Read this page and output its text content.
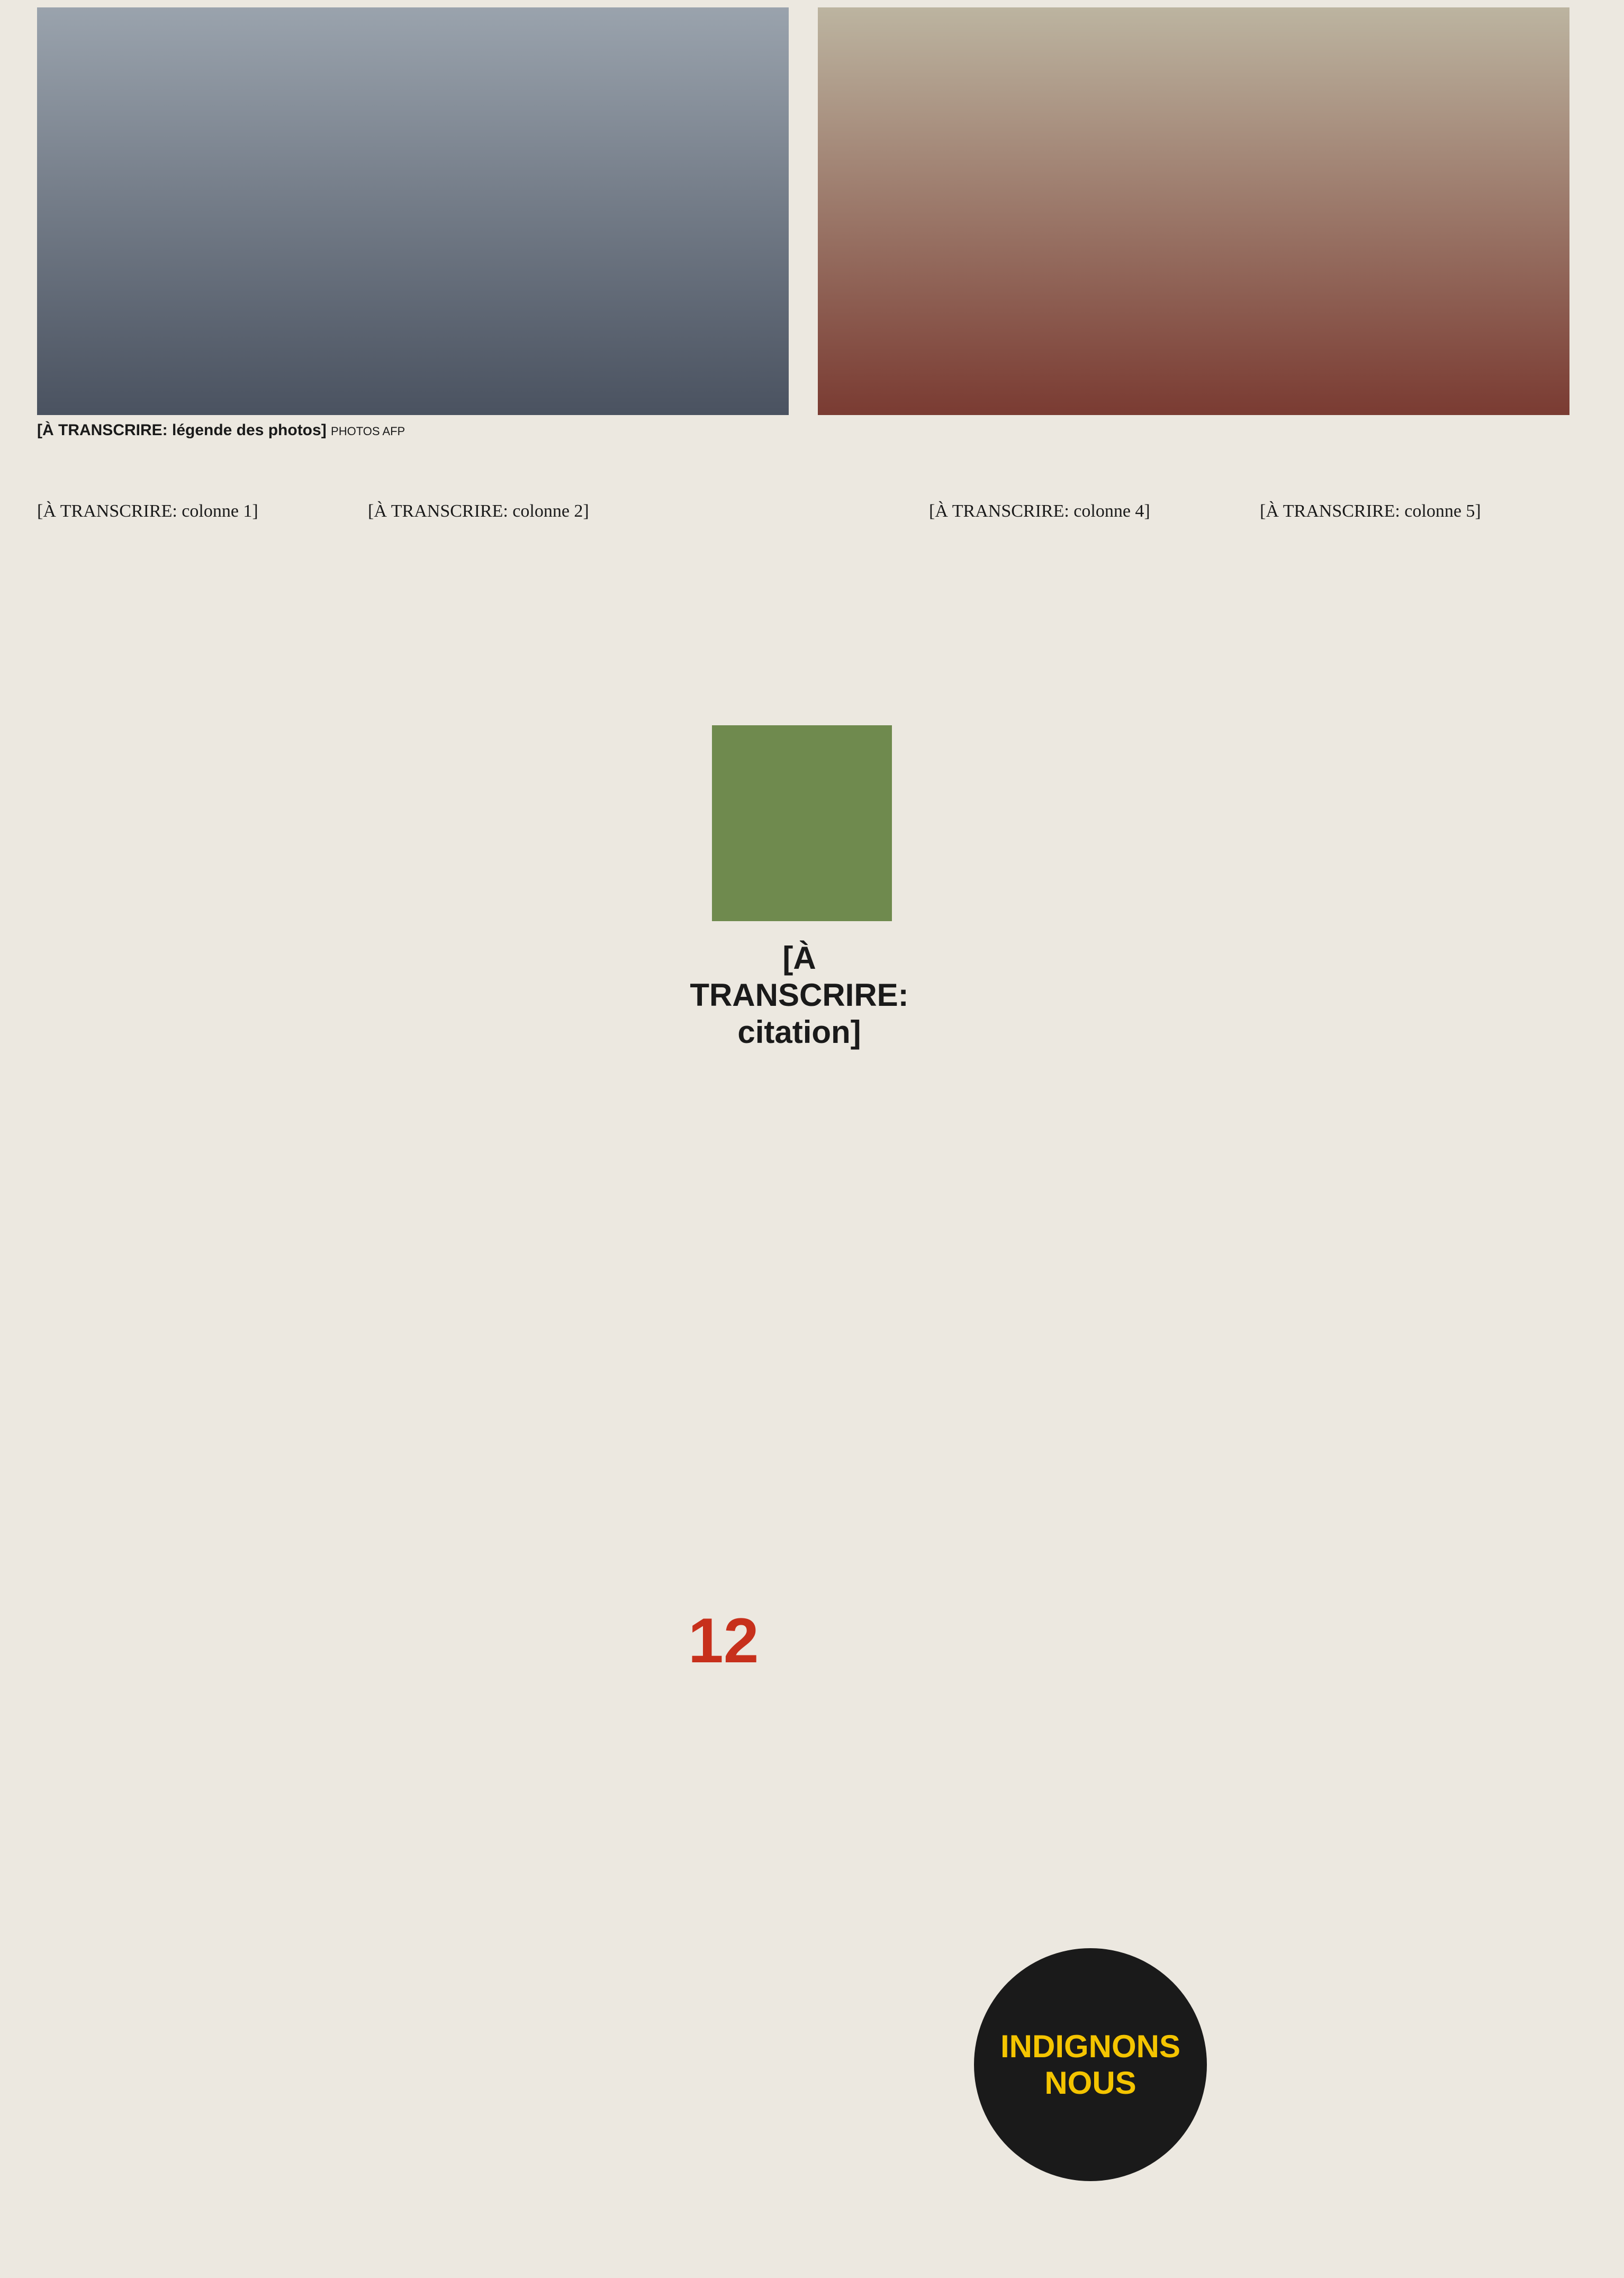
[À TRANSCRIRE: légende des photos] PHOTOS AFP
[À TRANSCRIRE: colonne 1]	[À TRANSCRIRE: colonne 2]	[À TRANSCRIRE: colonne 4]	[À TRANSCRIRE: colonne 5]
[À TRANSCRIRE: citation]
12
INDIGNONS NOUS
